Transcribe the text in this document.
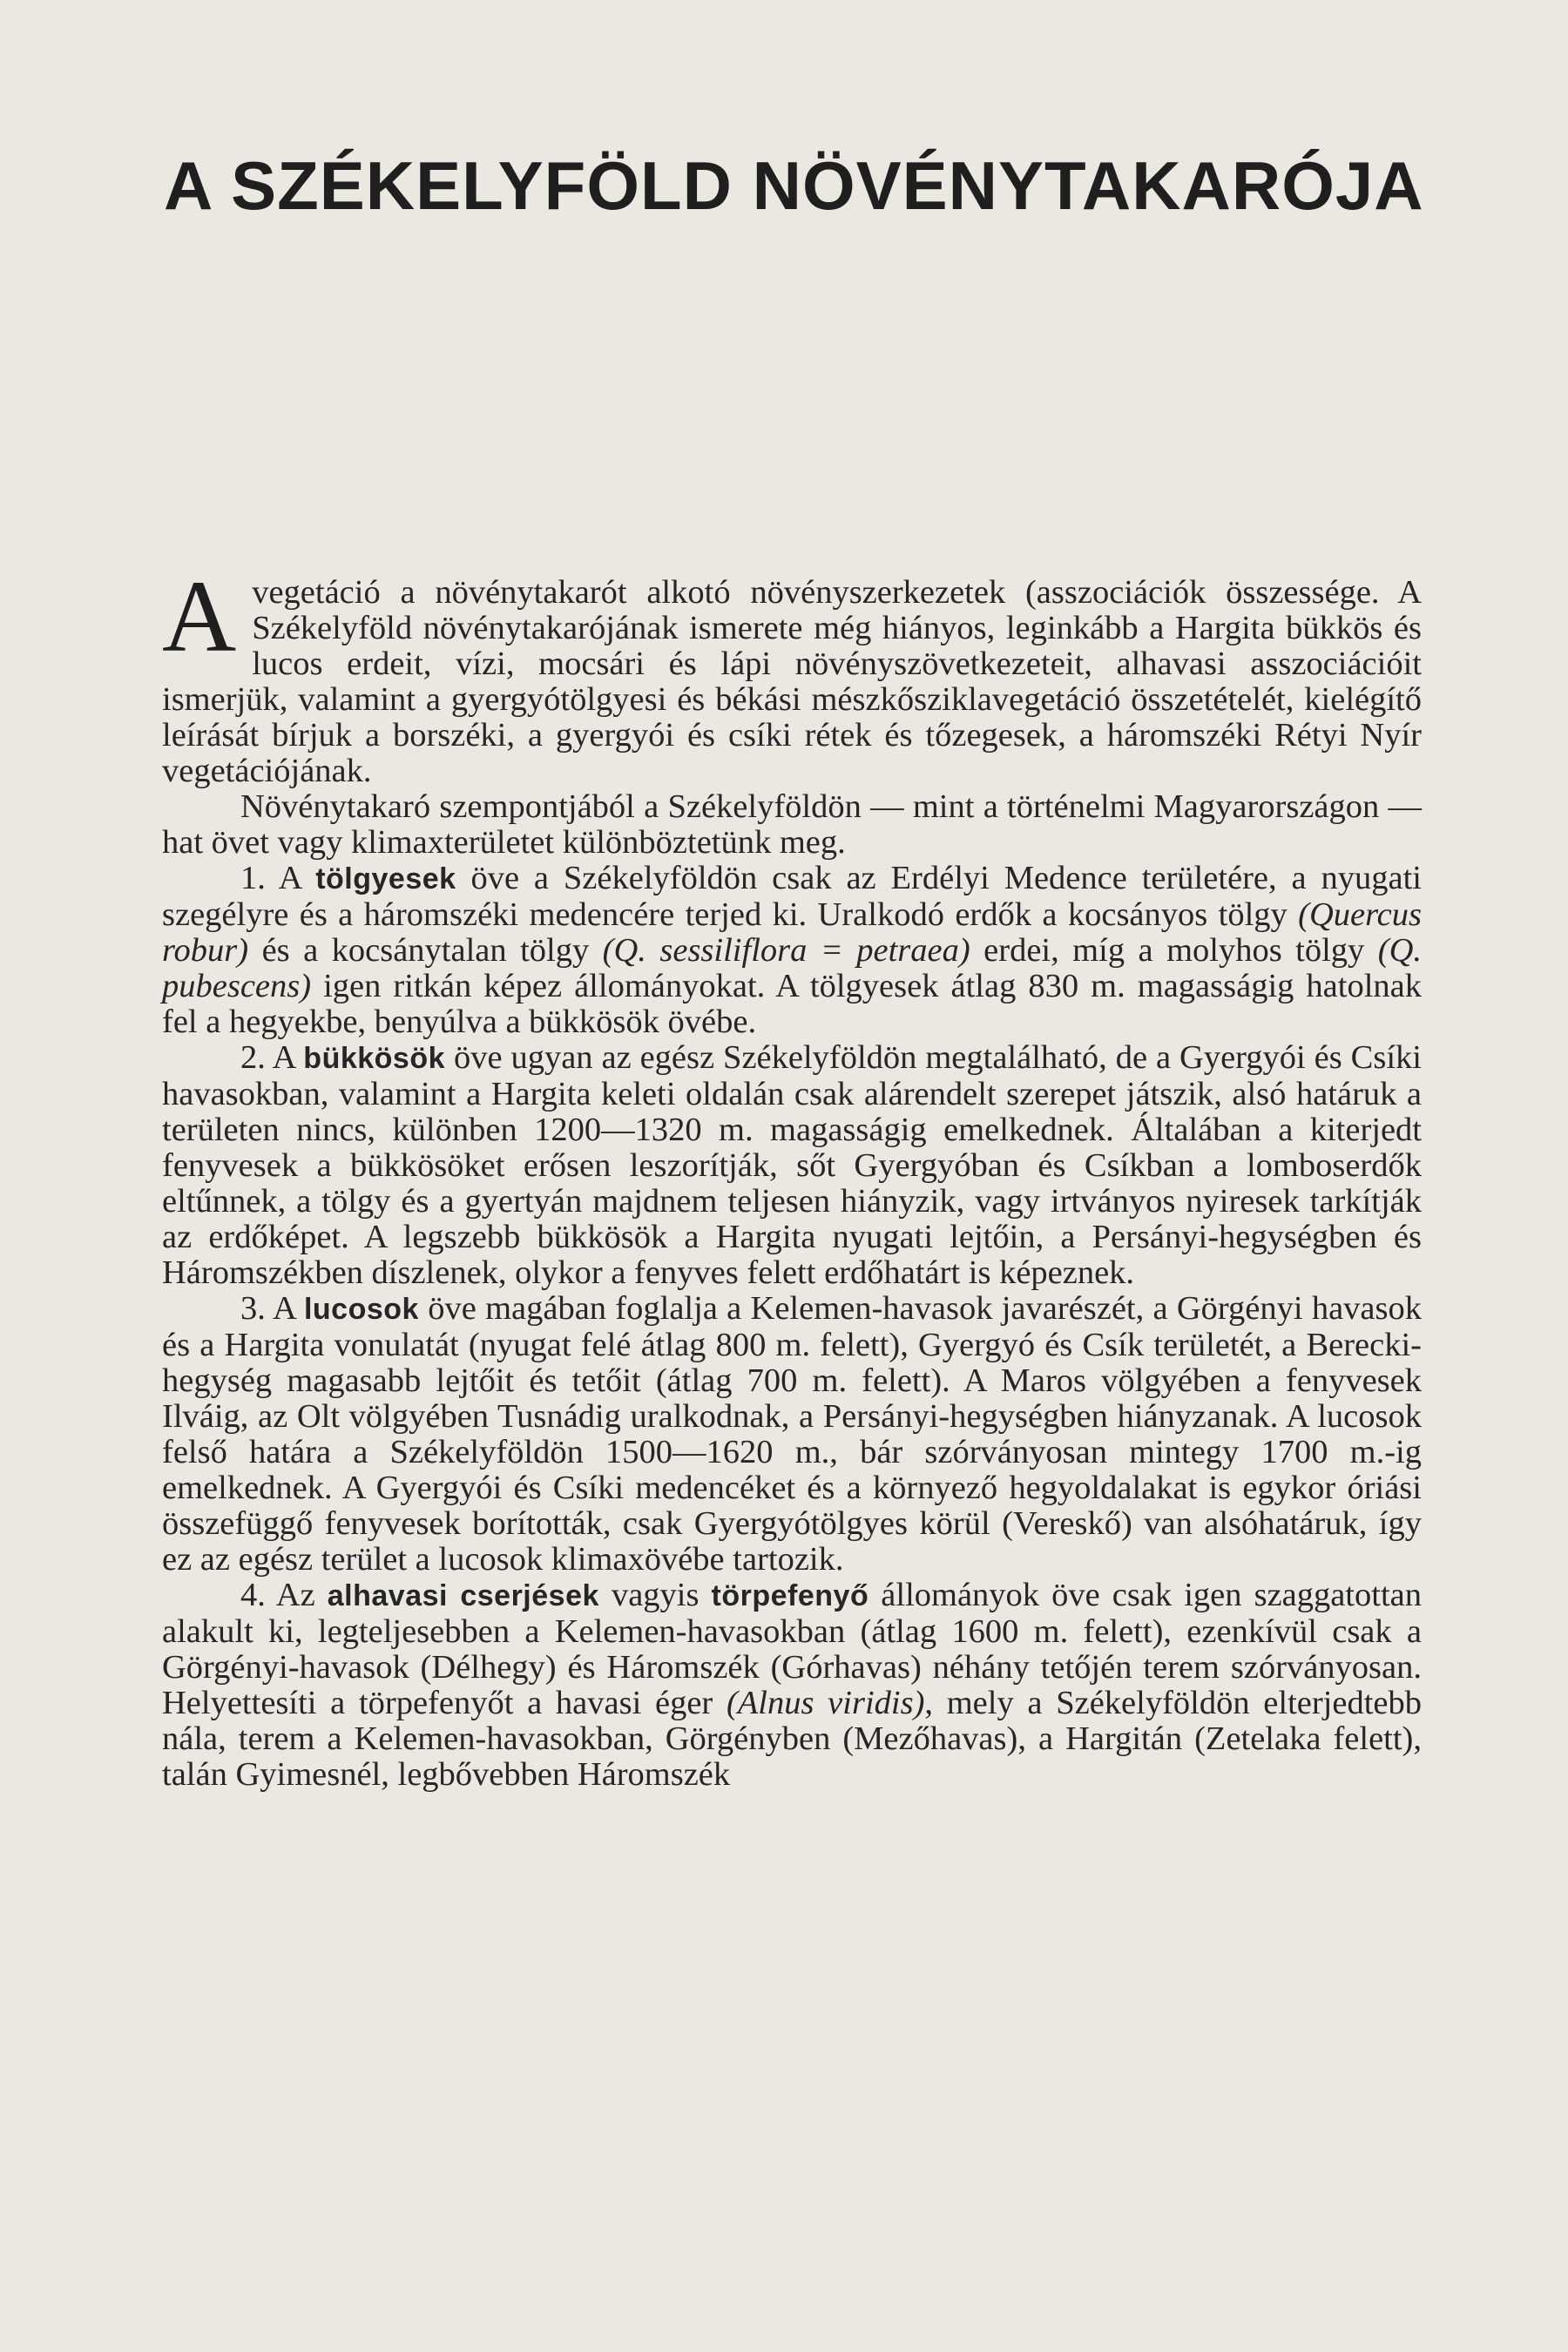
A SZÉKELYFÖLD NÖVÉNYTAKARÓJA

Avegetáció a növénytakarót alkotó növényszerkezetek (asszociációk összessége. A Székelyföld növénytakarójának ismerete még hiányos, leginkább a Hargita bükkös és lucos erdeit, vízi, mocsári és lápi növényszövetkezeteit, alhavasi asszociációit ismerjük, valamint a gyergyótölgyesi és békási mészkősziklavegetáció összetételét, kielégítő leírását bírjuk a borszéki, a gyergyói és csíki rétek és tőzegesek, a háromszéki Rétyi Nyír vegetációjának.

Növénytakaró szempontjából a Székelyföldön — mint a történelmi Magyarországon — hat övet vagy klimaxterületet különböztetünk meg.

1. A tölgyesek öve a Székelyföldön csak az Erdélyi Medence területére, a nyugati szegélyre és a háromszéki medencére terjed ki. Uralkodó erdők a kocsányos tölgy (Quercus robur) és a kocsánytalan tölgy (Q. sessiliflora = petraea) erdei, míg a molyhos tölgy (Q. pubescens) igen ritkán képez állományokat. A tölgyesek átlag 830 m. magasságig hatolnak fel a hegyekbe, benyúlva a bükkösök övébe.

2. A bükkösök öve ugyan az egész Székelyföldön megtalálható, de a Gyergyói és Csíki havasokban, valamint a Hargita keleti oldalán csak alárendelt szerepet játszik, alsó határuk a területen nincs, különben 1200—1320 m. magasságig emelkednek. Általában a kiterjedt fenyvesek a bükkösöket erősen leszorítják, sőt Gyergyóban és Csíkban a lomboserdők eltűnnek, a tölgy és a gyertyán majdnem teljesen hiányzik, vagy irtványos nyiresek tarkítják az erdőképet. A legszebb bükkösök a Hargita nyugati lejtőin, a Persányi-hegységben és Háromszékben díszlenek, olykor a fenyves felett erdőhatárt is képeznek.

3. A lucosok öve magában foglalja a Kelemen-havasok javarészét, a Görgényi havasok és a Hargita vonulatát (nyugat felé átlag 800 m. felett), Gyergyó és Csík területét, a Berecki-hegység magasabb lejtőit és tetőit (átlag 700 m. felett). A Maros völgyében a fenyvesek Ilváig, az Olt völgyében Tusnádig uralkodnak, a Persányi-hegységben hiányzanak. A lucosok felső határa a Székelyföldön 1500—1620 m., bár szórványosan mintegy 1700 m.-ig emelkednek. A Gyergyói és Csíki medencéket és a környező hegyoldalakat is egykor óriási összefüggő fenyvesek borították, csak Gyergyótölgyes körül (Vereskő) van alsóhatáruk, így ez az egész terület a lucosok klimaxövébe tartozik.

4. Az alhavasi cserjések vagyis törpefenyő állományok öve csak igen szaggatottan alakult ki, legteljesebben a Kelemen-havasokban (átlag 1600 m. felett), ezenkívül csak a Görgényi-havasok (Délhegy) és Háromszék (Górhavas) néhány tetőjén terem szórványosan. Helyettesíti a törpefenyőt a havasi éger (Alnus viridis), mely a Székelyföldön elterjedtebb nála, terem a Kelemen-havasokban, Görgényben (Mezőhavas), a Hargitán (Zetelaka felett), talán Gyimesnél, legbővebben Háromszék
